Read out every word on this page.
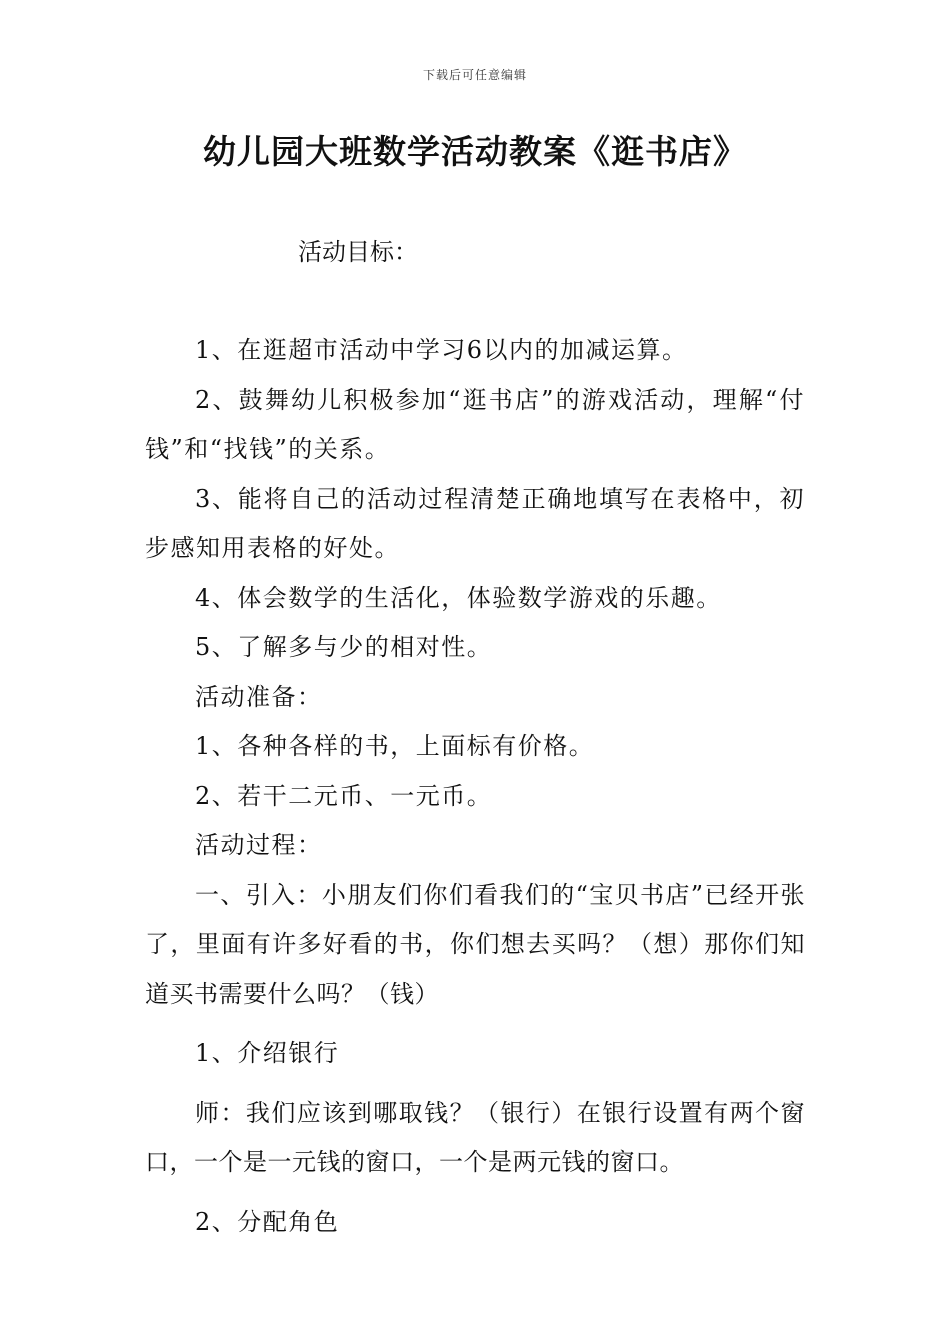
下载后可任意编辑
幼儿园大班数学活动教案《逛书店》
活动目标：

1、在逛超市活动中学习6以内的加减运算。

2、鼓舞幼儿积极参加“逛书店”的游戏活动，理解“付钱”和“找钱”的关系。

3、能将自己的活动过程清楚正确地填写在表格中，初步感知用表格的好处。

4、体会数学的生活化，体验数学游戏的乐趣。

5、了解多与少的相对性。

活动准备：

1、各种各样的书，上面标有价格。

2、若干二元币、一元币。

活动过程：

一、引入：小朋友们你们看我们的“宝贝书店”已经开张了，里面有许多好看的书，你们想去买吗？（想）那你们知道买书需要什么吗？（钱）

1、介绍银行

师：我们应该到哪取钱？（银行）在银行设置有两个窗口，一个是一元钱的窗口，一个是两元钱的窗口。

2、分配角色
